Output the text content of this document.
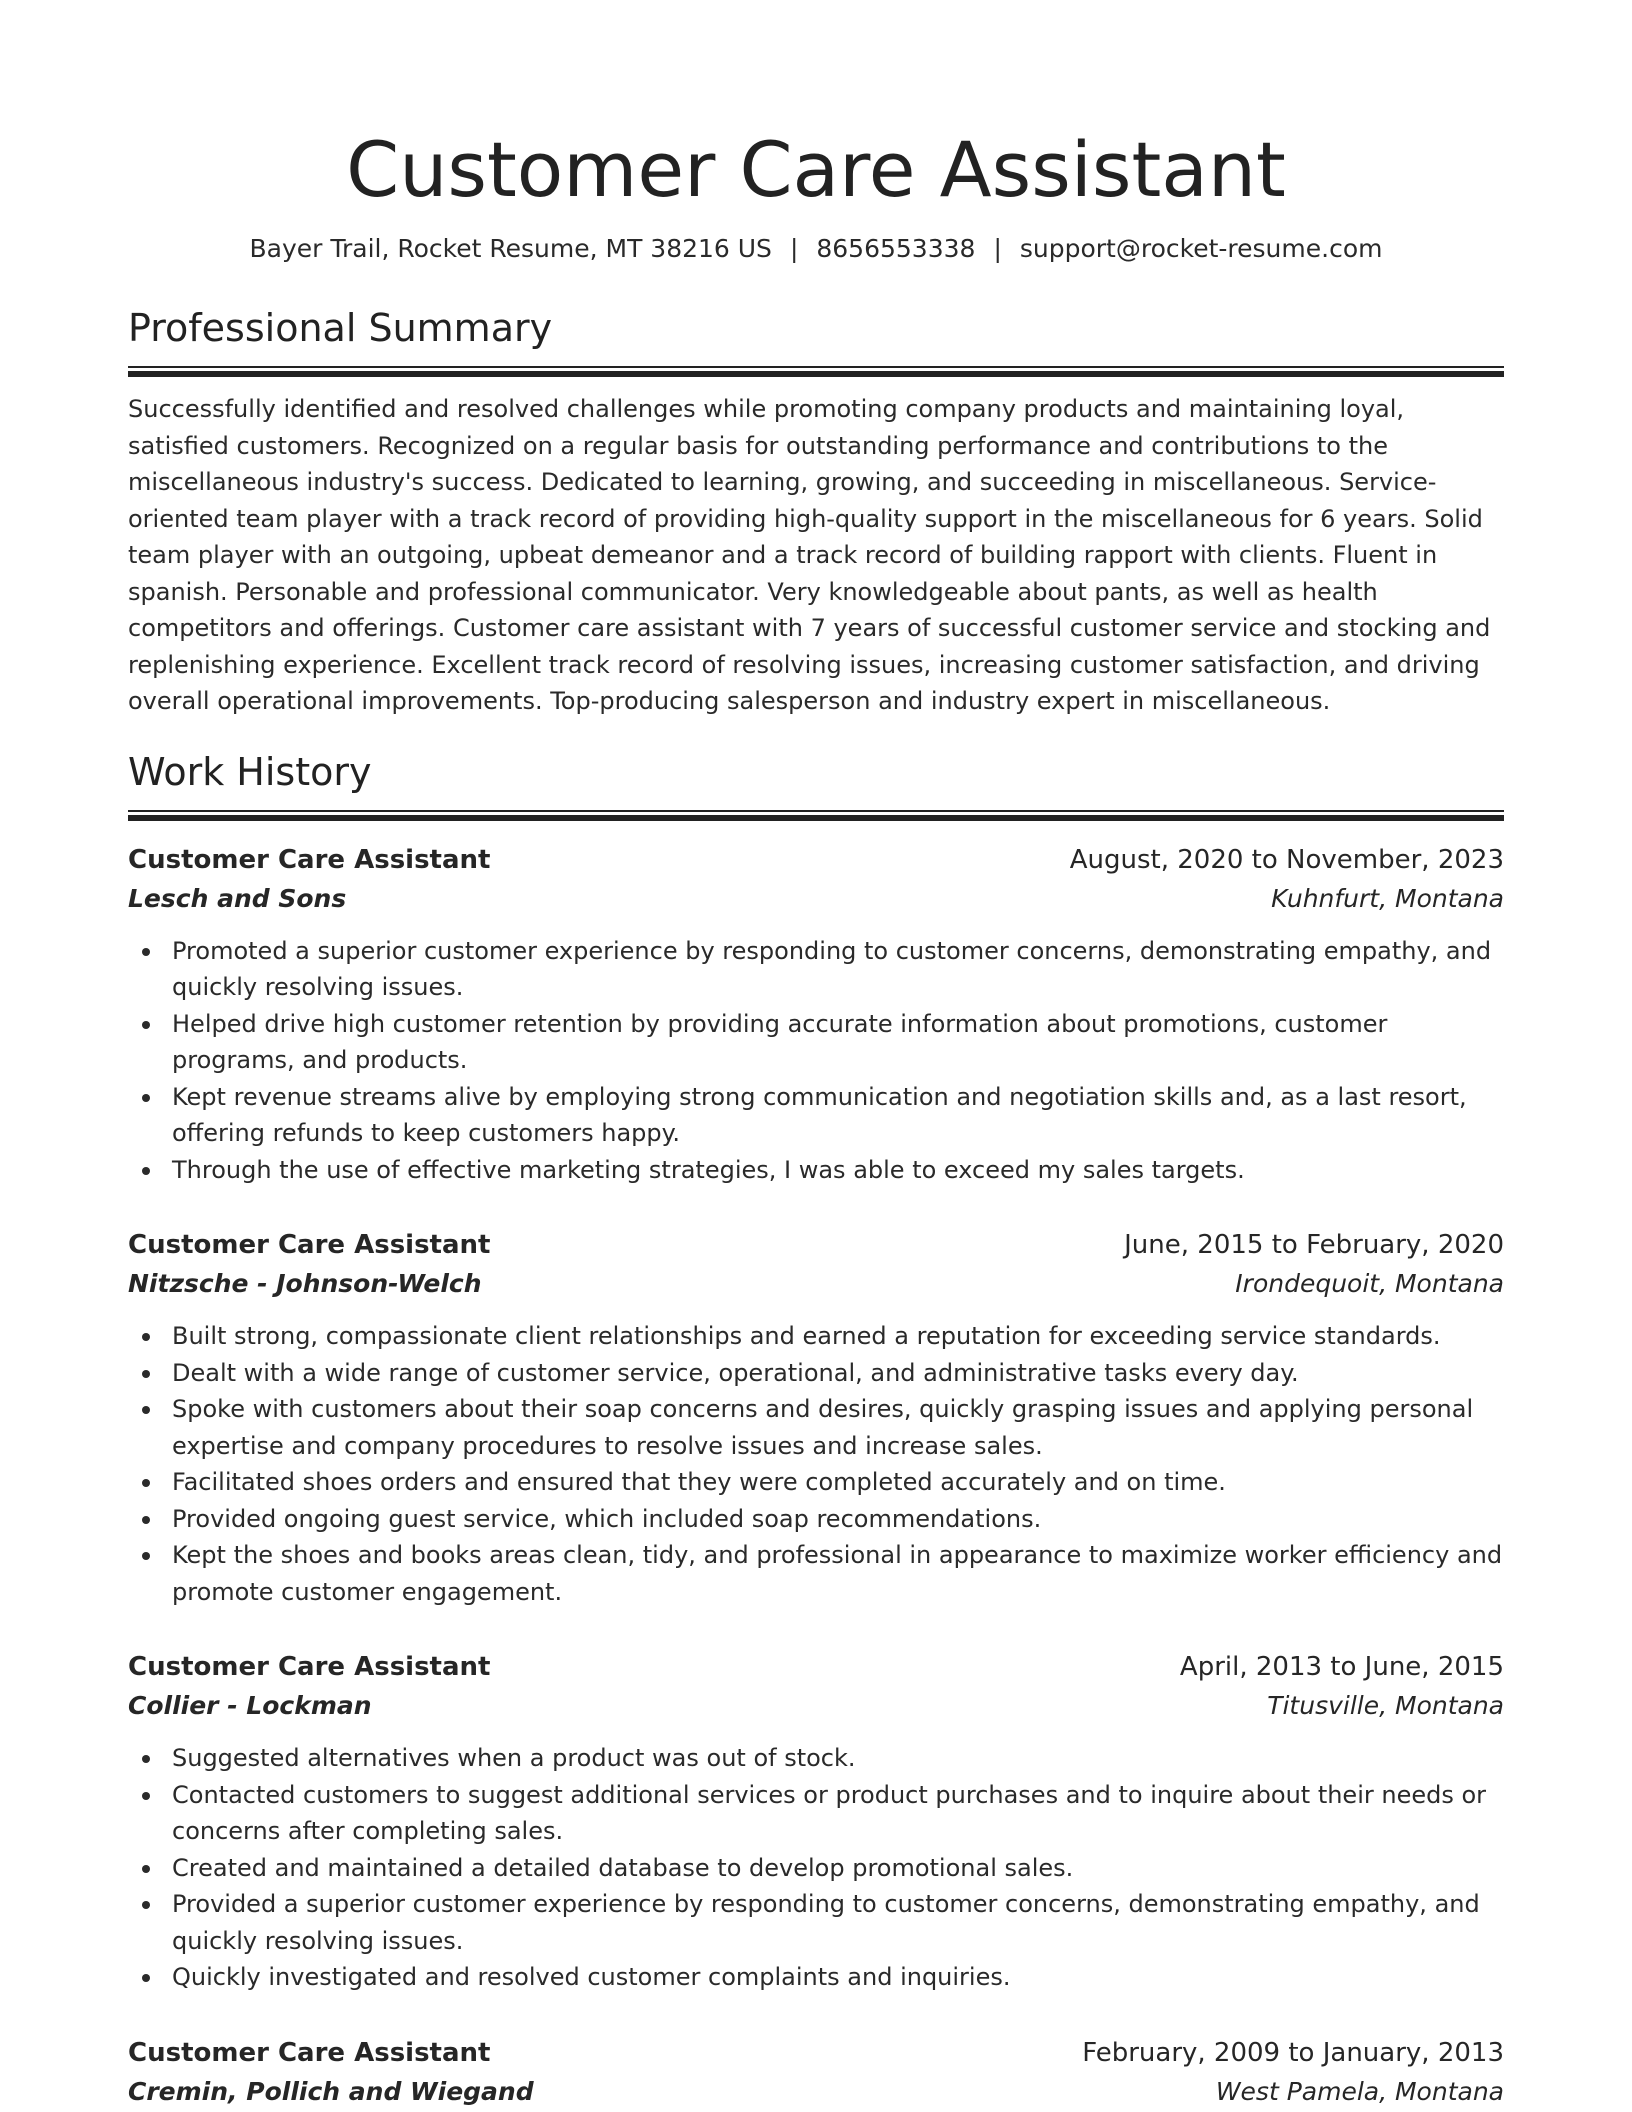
Customer Care Assistant
Bayer Trail, Rocket Resume, MT 38216 US | 8656553338 | support@rocket-resume.com
Professional Summary
Successfully identified and resolved challenges while promoting company products and maintaining loyal, satisfied customers. Recognized on a regular basis for outstanding performance and contributions to the miscellaneous industry's success. Dedicated to learning, growing, and succeeding in miscellaneous. Service-oriented team player with a track record of providing high-quality support in the miscellaneous for 6 years. Solid team player with an outgoing, upbeat demeanor and a track record of building rapport with clients. Fluent in spanish. Personable and professional communicator. Very knowledgeable about pants, as well as health competitors and offerings. Customer care assistant with 7 years of successful customer service and stocking and replenishing experience. Excellent track record of resolving issues, increasing customer satisfaction, and driving overall operational improvements. Top-producing salesperson and industry expert in miscellaneous.
Work History
Customer Care Assistant	August, 2020 to November, 2023
Lesch and Sons	Kuhnfurt, Montana
Promoted a superior customer experience by responding to customer concerns, demonstrating empathy, and quickly resolving issues.
Helped drive high customer retention by providing accurate information about promotions, customer programs, and products.
Kept revenue streams alive by employing strong communication and negotiation skills and, as a last resort, offering refunds to keep customers happy.
Through the use of effective marketing strategies, I was able to exceed my sales targets.
Customer Care Assistant	June, 2015 to February, 2020
Nitzsche - Johnson-Welch	Irondequoit, Montana
Built strong, compassionate client relationships and earned a reputation for exceeding service standards.
Dealt with a wide range of customer service, operational, and administrative tasks every day.
Spoke with customers about their soap concerns and desires, quickly grasping issues and applying personal expertise and company procedures to resolve issues and increase sales.
Facilitated shoes orders and ensured that they were completed accurately and on time.
Provided ongoing guest service, which included soap recommendations.
Kept the shoes and books areas clean, tidy, and professional in appearance to maximize worker efficiency and promote customer engagement.
Customer Care Assistant	April, 2013 to June, 2015
Collier - Lockman	Titusville, Montana
Suggested alternatives when a product was out of stock.
Contacted customers to suggest additional services or product purchases and to inquire about their needs or concerns after completing sales.
Created and maintained a detailed database to develop promotional sales.
Provided a superior customer experience by responding to customer concerns, demonstrating empathy, and quickly resolving issues.
Quickly investigated and resolved customer complaints and inquiries.
Customer Care Assistant	February, 2009 to January, 2013
Cremin, Pollich and Wiegand	West Pamela, Montana
